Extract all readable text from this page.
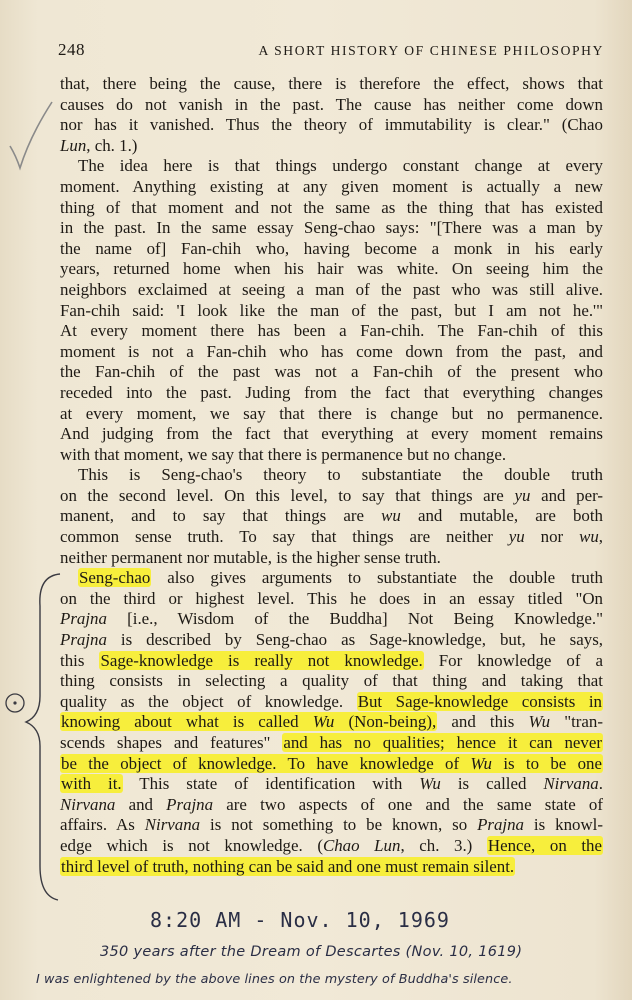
248	A SHORT HISTORY OF CHINESE PHILOSOPHY
that, there being the cause, there is therefore the effect, shows that
causes do not vanish in the past. The cause has neither come down
nor has it vanished. Thus the theory of immutability is clear." (Chao
Lun, ch. 1.)
The idea here is that things undergo constant change at every
moment. Anything existing at any given moment is actually a new
thing of that moment and not the same as the thing that has existed
in the past. In the same essay Seng-chao says: "[There was a man by
the name of] Fan-chih who, having become a monk in his early
years, returned home when his hair was white. On seeing him the
neighbors exclaimed at seeing a man of the past who was still alive.
Fan-chih said: 'I look like the man of the past, but I am not he.'"
At every moment there has been a Fan-chih. The Fan-chih of this
moment is not a Fan-chih who has come down from the past, and
the Fan-chih of the past was not a Fan-chih of the present who
receded into the past. Juding from the fact that everything changes
at every moment, we say that there is change but no permanence.
And judging from the fact that everything at every moment remains
with that moment, we say that there is permanence but no change.
This is Seng-chao's theory to substantiate the double truth
on the second level. On this level, to say that things are yu and per-
manent, and to say that things are wu and mutable, are both
common sense truth. To say that things are neither yu nor wu,
neither permanent nor mutable, is the higher sense truth.
Seng-chao also gives arguments to substantiate the double truth
on the third or highest level. This he does in an essay titled "On
Prajna [i.e., Wisdom of the Buddha] Not Being Knowledge."
Prajna is described by Seng-chao as Sage-knowledge, but, he says,
this Sage-knowledge is really not knowledge. For knowledge of a
thing consists in selecting a quality of that thing and taking that
quality as the object of knowledge. But Sage-knowledge consists in
knowing about what is called Wu (Non-being), and this Wu "tran-
scends shapes and features" and has no qualities; hence it can never
be the object of knowledge. To have knowledge of Wu is to be one
with it. This state of identification with Wu is called Nirvana.
Nirvana and Prajna are two aspects of one and the same state of
affairs. As Nirvana is not something to be known, so Prajna is knowl-
edge which is not knowledge. (Chao Lun, ch. 3.) Hence, on the
third level of truth, nothing can be said and one must remain silent.
8:20 AM - Nov. 10, 1969
350 years after the Dream of Descartes (Nov. 10, 1619)
I was enlightened by the above lines on the mystery of Buddha's silence.
